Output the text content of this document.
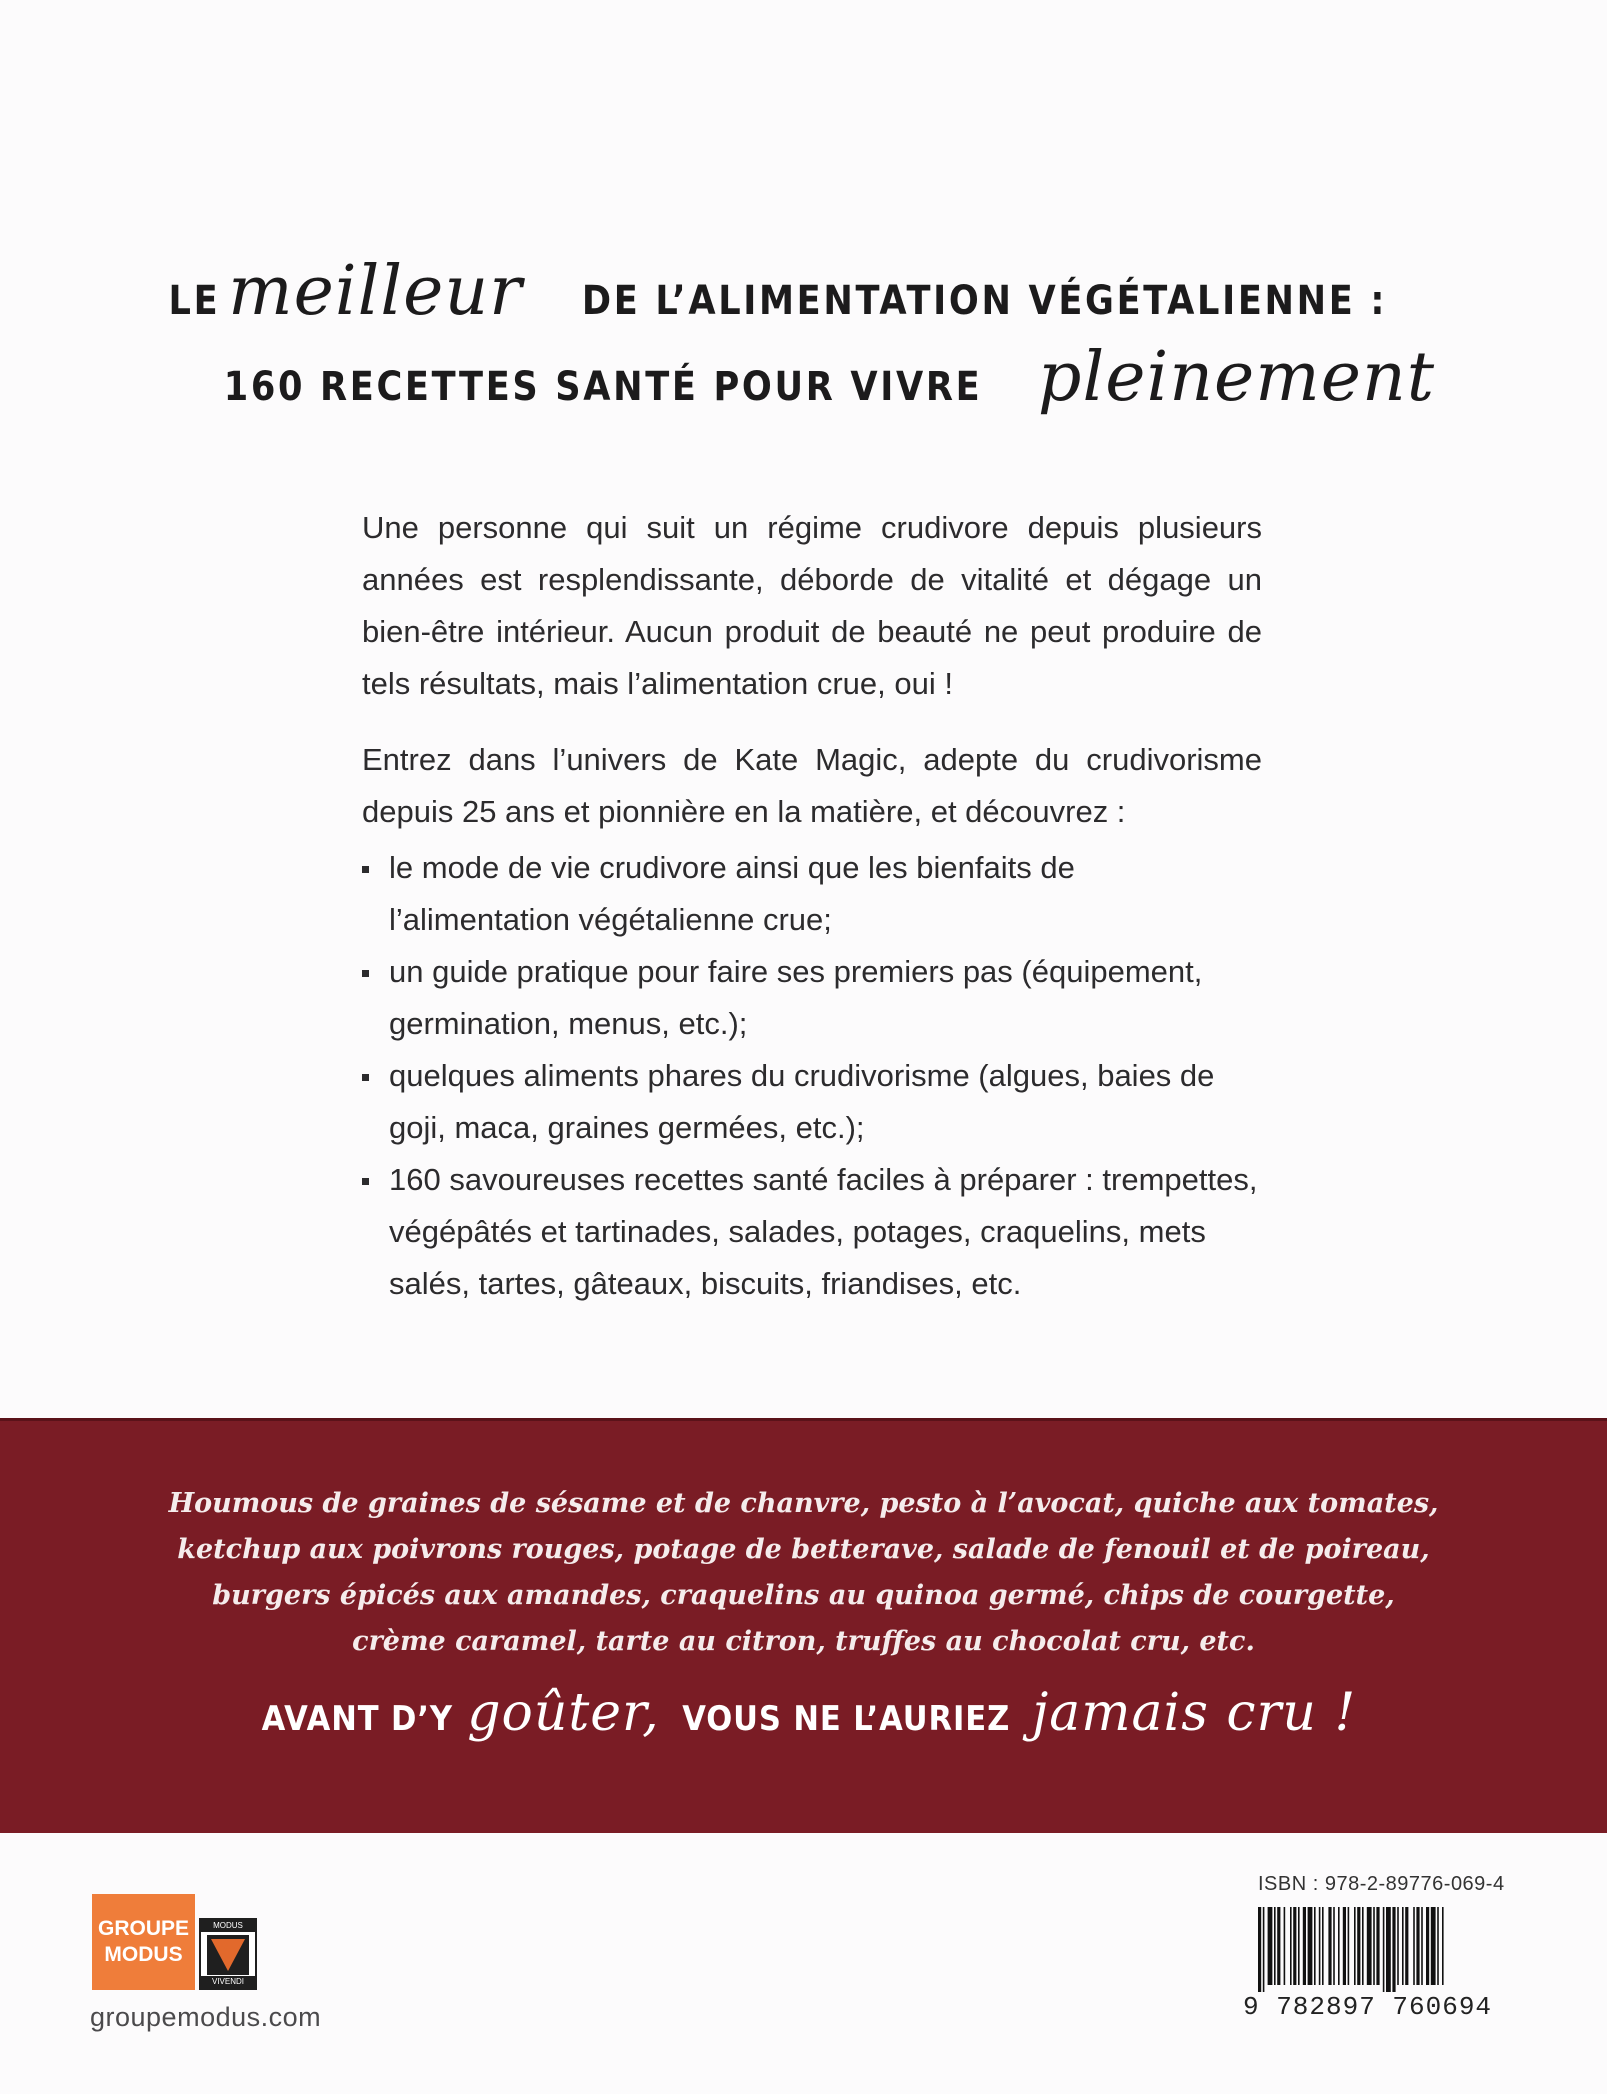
LE meilleur DE L’ALIMENTATION VÉGÉTALIENNE :
160 RECETTES SANTÉ POUR VIVRE pleinement

Une personne qui suit un régime crudivore depuis plusieurs années est resplendissante, déborde de vitalité et dégage un bien-être intérieur. Aucun produit de beauté ne peut produire de tels résultats, mais l’alimentation crue, oui !

Entrez dans l’univers de Kate Magic, adepte du crudivorisme depuis 25 ans et pionnière en la matière, et découvrez :

le mode de vie crudivore ainsi que les bienfaits de l’alimentation végétalienne crue;
un guide pratique pour faire ses premiers pas (équipement, germination, menus, etc.);
quelques aliments phares du crudivorisme (algues, baies de goji, maca, graines germées, etc.);
160 savoureuses recettes santé faciles à préparer : trempettes, végépâtés et tartinades, salades, potages, craquelins, mets salés, tartes, gâteaux, biscuits, friandises, etc.
Houmous de graines de sésame et de chanvre, pesto à l’avocat, quiche aux tomates,
ketchup aux poivrons rouges, potage de betterave, salade de fenouil et de poireau,
burgers épicés aux amandes, craquelins au quinoa germé, chips de courgette,
crème caramel, tarte au citron, truffes au chocolat cru, etc.
AVANT D’Y goûter, VOUS NE L’AURIEZ jamais cru !
GROUPE
MODUS
MODUS
VIVENDI
groupemodus.com
ISBN : 978-2-89776-069-4
9 782897 760694
